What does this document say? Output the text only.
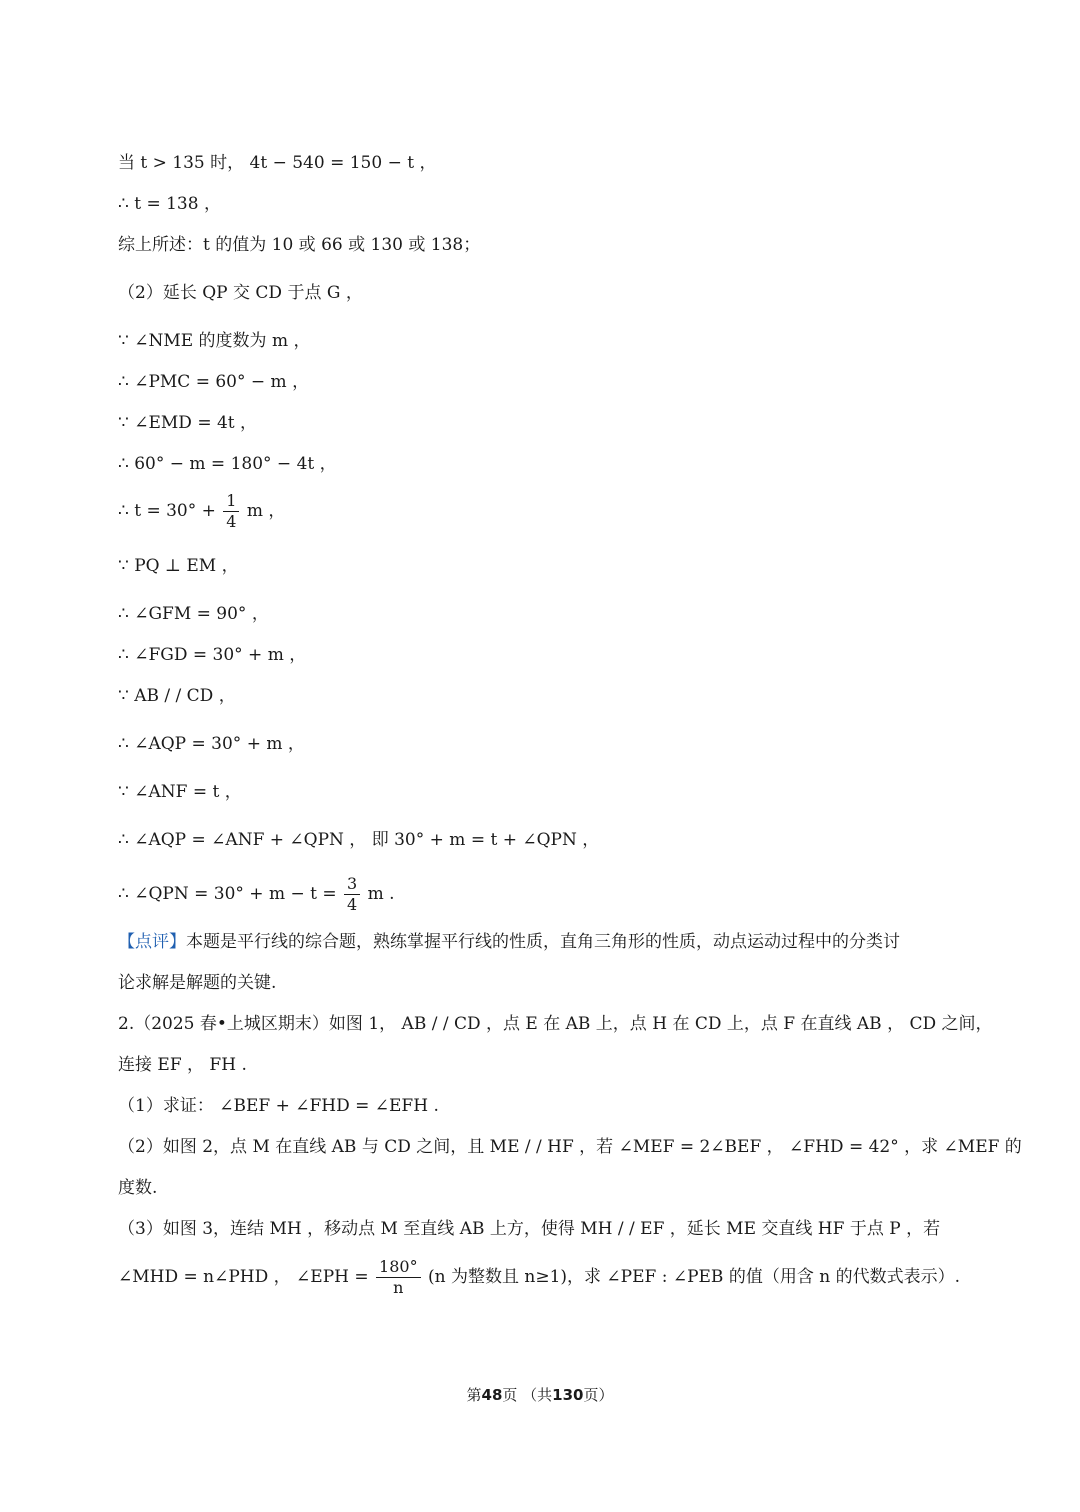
当 t > 135 时， 4t − 540 = 150 − t ，
∴ t = 138 ，
综上所述：t 的值为 10 或 66 或 130 或 138；
（2）延长 QP 交 CD 于点 G ，
∵ ∠NME 的度数为 m ，
∴ ∠PMC = 60° − m ，
∵ ∠EMD = 4t ，
∴ 60° − m = 180° − 4t ，
∴ $t = 30^\circ + \frac{1}{4}$ m ，
∵ PQ ⊥ EM ，
∴ ∠GFM = 90° ，
∴ ∠FGD = 30° + m ，
∵ AB / / CD ，
∴ ∠AQP = 30° + m ，
∵ ∠ANF = t ，
∴ ∠AQP = ∠ANF + ∠QPN ， 即 30° + m = t + ∠QPN ，
∴ ∠QPN = $30^\circ + m - t = \frac{3}{4}$ m .
【点评】本题是平行线的综合题，熟练掌握平行线的性质，直角三角形的性质，动点运动过程中的分类讨
论求解是解题的关键.
2.（2025 春•上城区期末）如图 1， AB / / CD ，点 E 在 AB 上，点 H 在 CD 上，点 F 在直线 AB ， CD 之间，
连接 EF ， FH .
（1）求证： ∠BEF + ∠FHD = ∠EFH .
（2）如图 2，点 M 在直线 AB 与 CD 之间，且 ME / / HF ，若 ∠MEF = 2∠BEF ， ∠FHD = 42° ，求 ∠MEF 的
度数.
（3）如图 3，连结 MH ，移动点 M 至直线 AB 上方，使得 MH / / EF ，延长 ME 交直线 HF 于点 P ，若
∠MHD = n∠PHD ， ∠EPH = $\frac{180^\circ}{n} (n$ 为整数且 n≥1)，求 ∠PEF : ∠PEB 的值（用含 n 的代数式表示）.
第48页 （共130页）
